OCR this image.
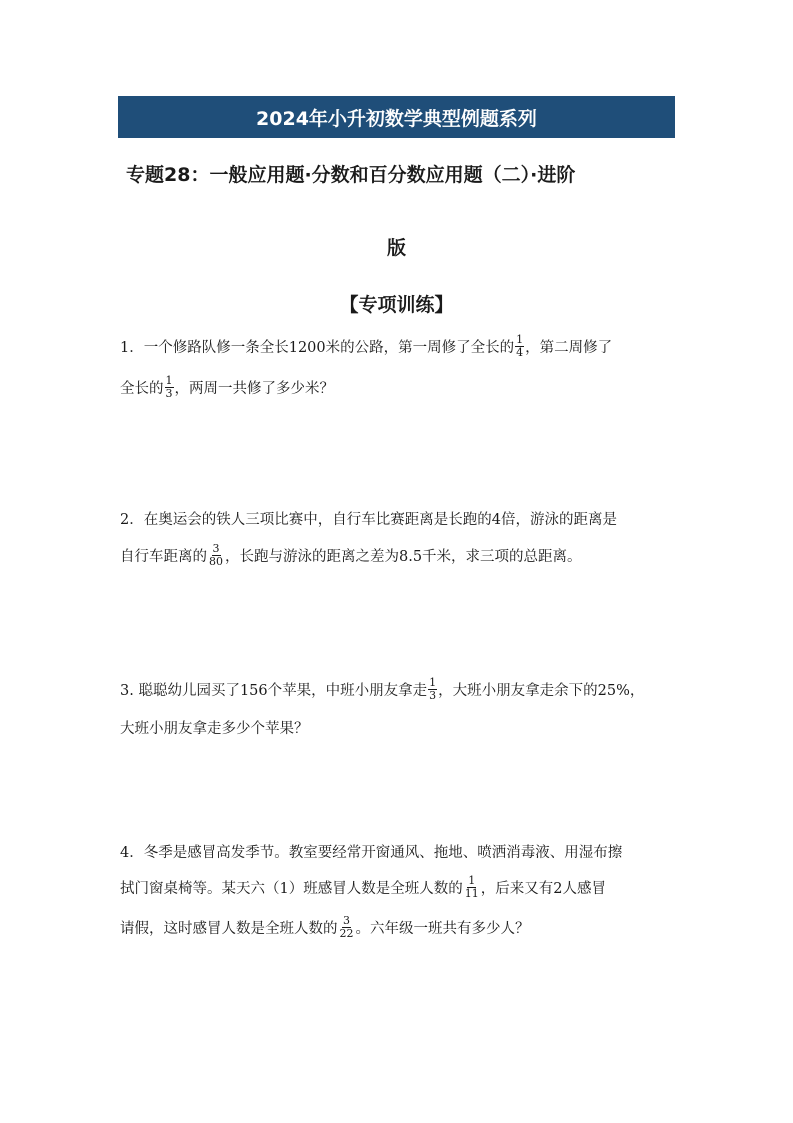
2024年小升初数学典型例题系列
专题28：一般应用题·分数和百分数应用题（二）·进阶
版
【专项训练】
1．一个修路队修一条全长1200米的公路，第一周修了全长的 $\frac{1}{4}$ ，第二周修了
全长的 $\frac{1}{3}$ ，两周一共修了多少米？
2．在奥运会的铁人三项比赛中，自行车比赛距离是长跑的4倍，游泳的距离是
自行车距离的 $\frac{3}{80}$ ，长跑与游泳的距离之差为8.5千米，求三项的总距离。
3. 聪聪幼儿园买了156个苹果，中班小朋友拿走 $\frac{1}{3}$ ，大班小朋友拿走余下的25%，
大班小朋友拿走多少个苹果？
4．冬季是感冒高发季节。教室要经常开窗通风、拖地、喷洒消毒液、用湿布擦
拭门窗桌椅等。某天六（1）班感冒人数是全班人数的 $\frac{1}{11}$ ，后来又有2人感冒
请假，这时感冒人数是全班人数的 $\frac{3}{22}$ 。六年级一班共有多少人？
